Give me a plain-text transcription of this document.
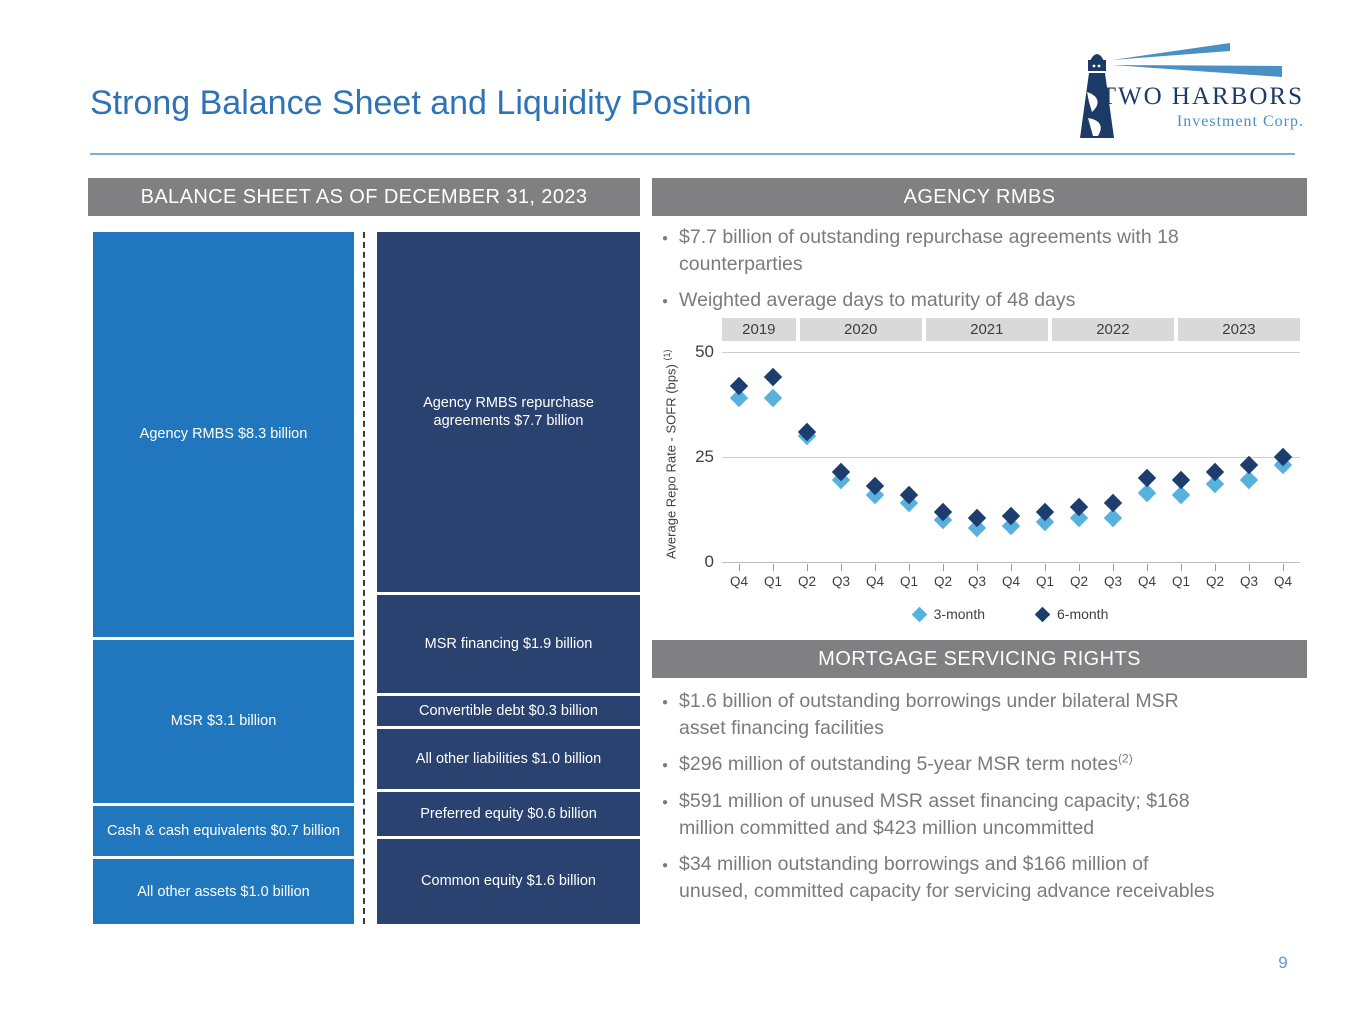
Strong Balance Sheet and Liquidity Position	TWO HARBORS
Investment Corp.
BALANCE SHEET AS OF DECEMBER 31, 2023
Agency RMBS $8.3 billion
MSR $3.1 billion
Cash & cash equivalents $0.7 billion
All other assets $1.0 billion
Agency RMBS repurchase
agreements $7.7 billion
MSR financing $1.9 billion
Convertible debt $0.3 billion
All other liabilities $1.0 billion
Preferred equity $0.6 billion
Common equity $1.6 billion
AGENCY RMBS
● $7.7 billion of outstanding repurchase agreements with 18
counterparties
● Weighted average days to maturity of 48 days
2019	2020	2021	2022	2023
Average Repo Rate - SOFR (bps) $^{(1)}$	50
25
0
Q4	Q1	Q2	Q3	Q4	Q1	Q2	Q3	Q4	Q1	Q2	Q3	Q4	Q1	Q2	Q3	Q4
3-month	6-month
MORTGAGE SERVICING RIGHTS
● $1.6 billion of outstanding borrowings under bilateral MSR
asset financing facilities
● $296 million of outstanding 5-year MSR term notes$^{(2)}$
● $591 million of unused MSR asset financing capacity; $168
million committed and $423 million uncommitted
● $34 million outstanding borrowings and $166 million of
unused, committed capacity for servicing advance receivables
9
